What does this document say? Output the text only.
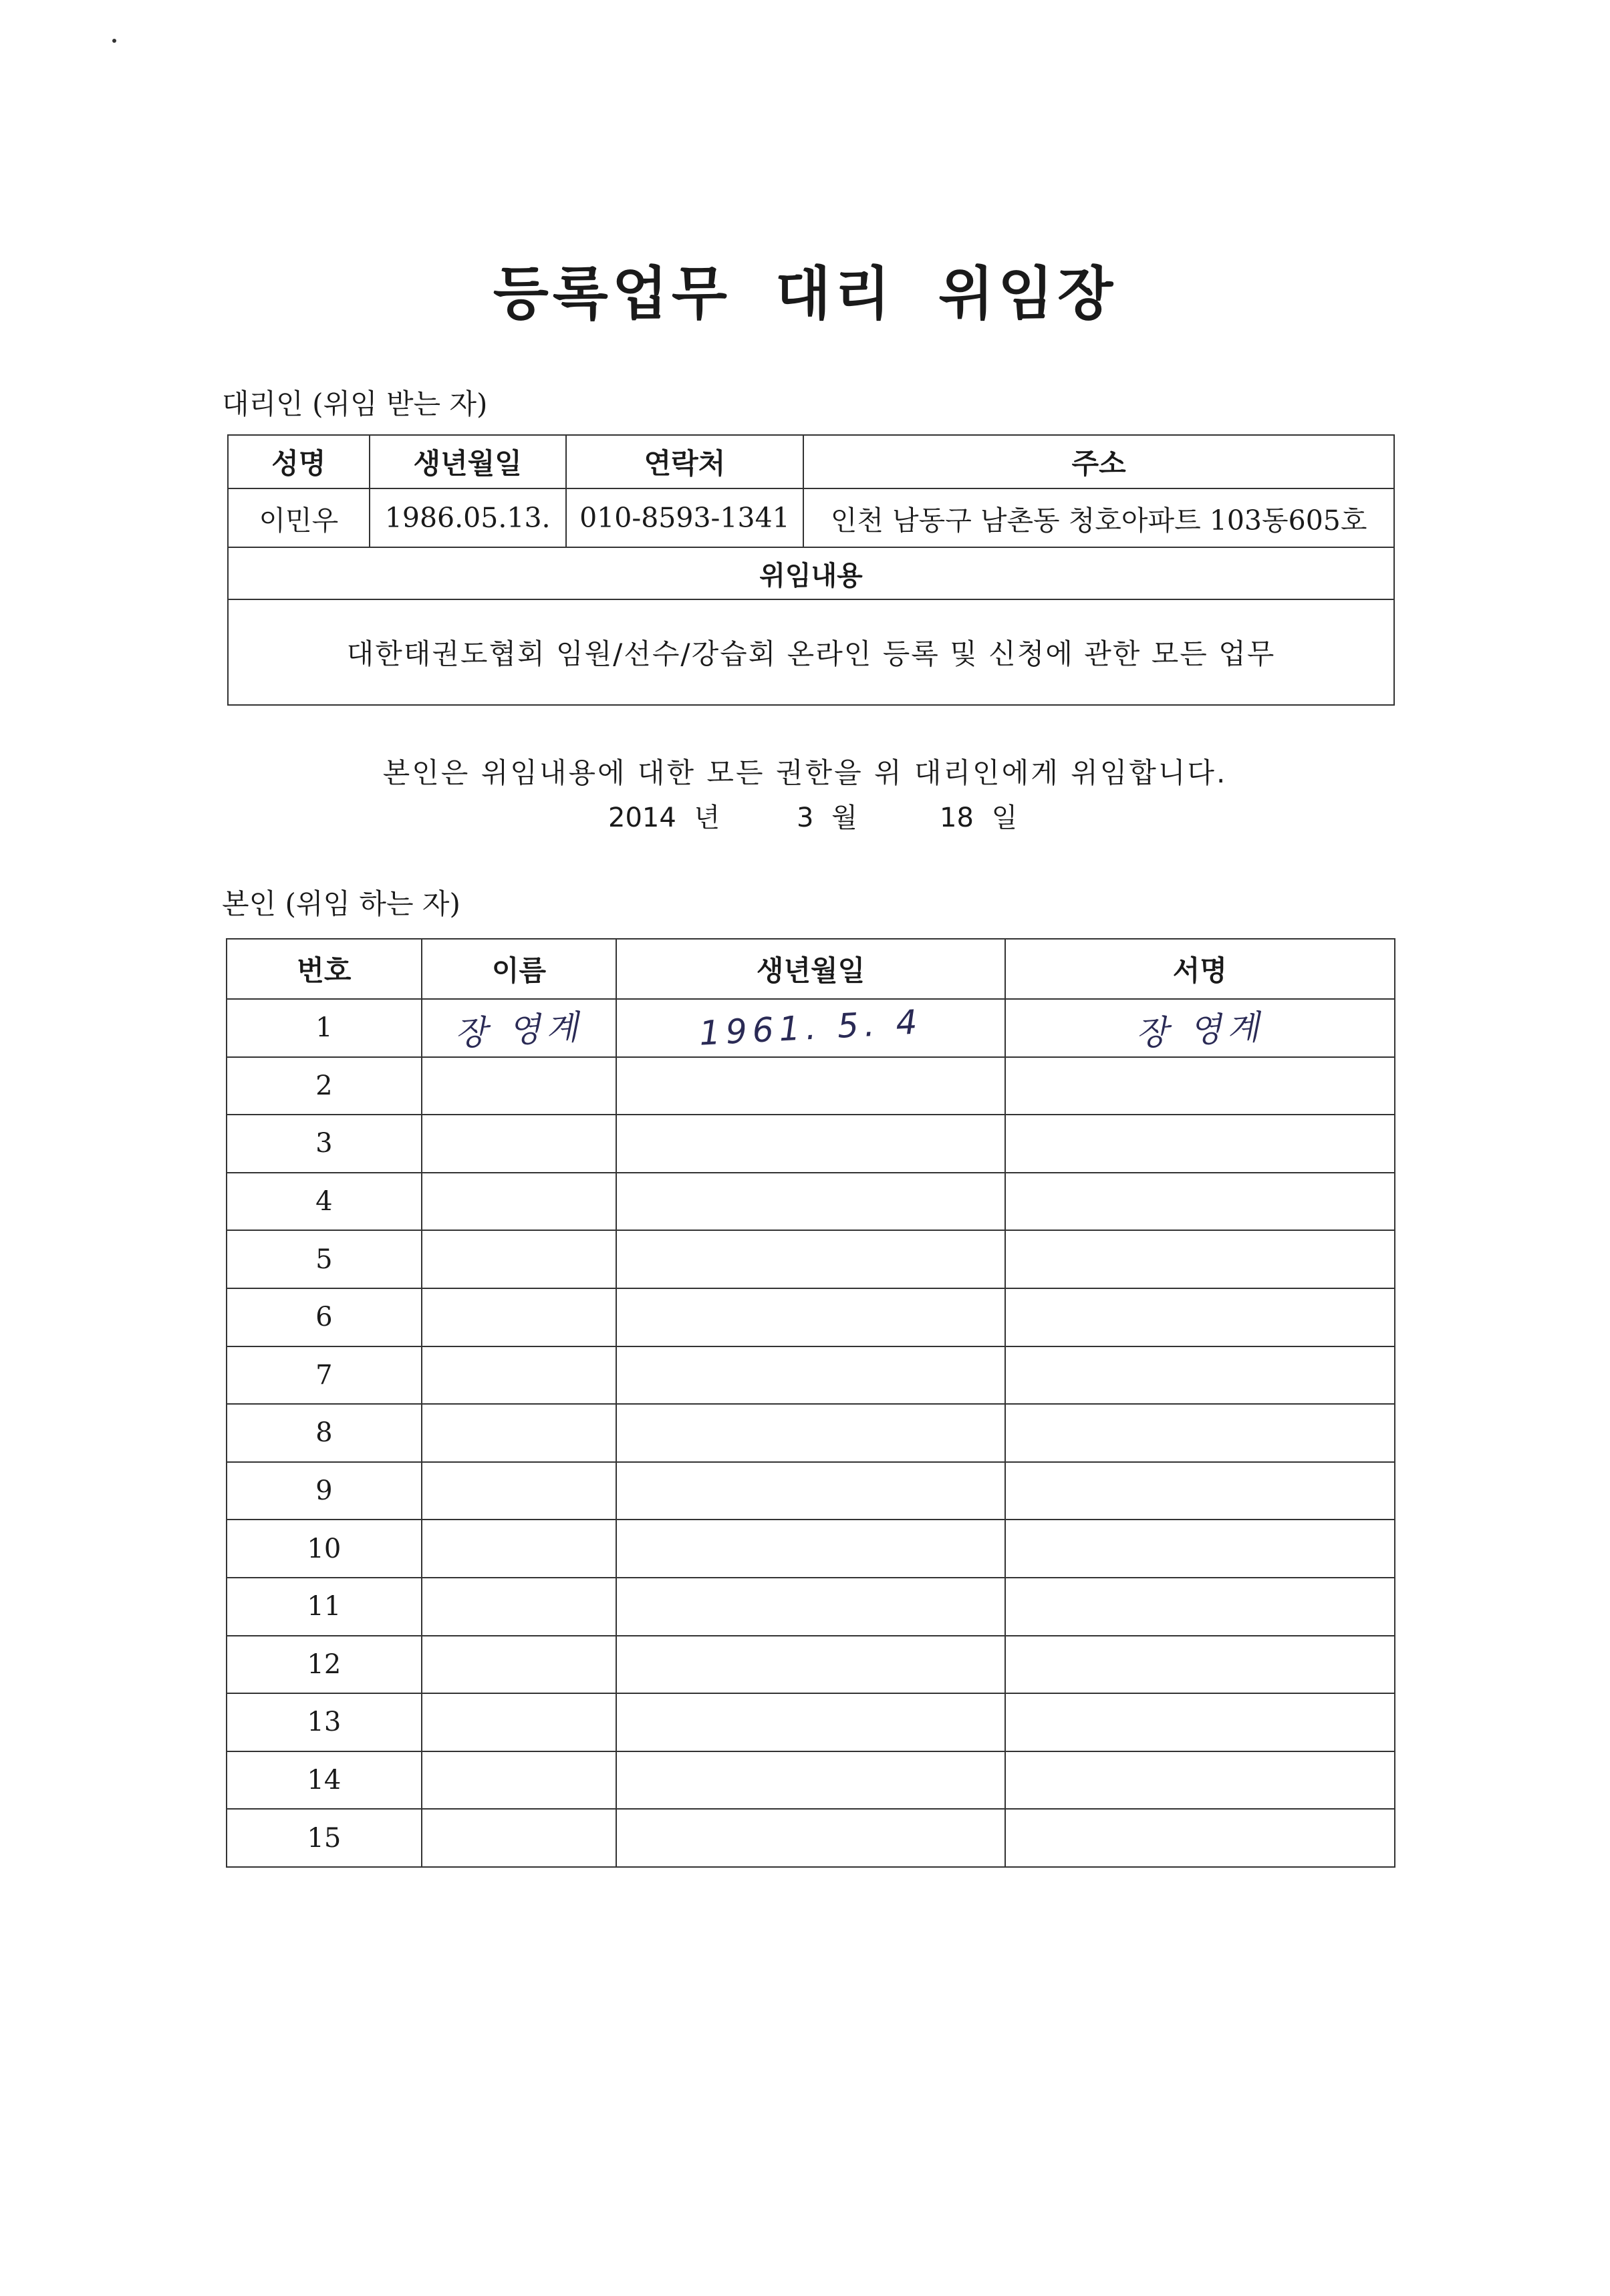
등록업무 대리 위임장
대리인 (위임 받는 자)
성명	생년월일	연락처	주소
이민우	1986.05.13.	010-8593-1341	인천 남동구 남촌동 청호아파트 103동605호
위임내용			
대한태권도협회 임원/선수/강습회 온라인 등록 및 신청에 관한 모든 업무			
본인은 위임내용에 대한 모든 권한을 위 대리인에게 위임합니다.
2014 년	3 월	18 일
본인 (위임 하는 자)
번호	이름	생년월일	서명
1	장 영계	1961. 5. 4	장 영계
2			
3			
4			
5			
6			
7			
8			
9			
10			
11			
12			
13			
14			
15			
